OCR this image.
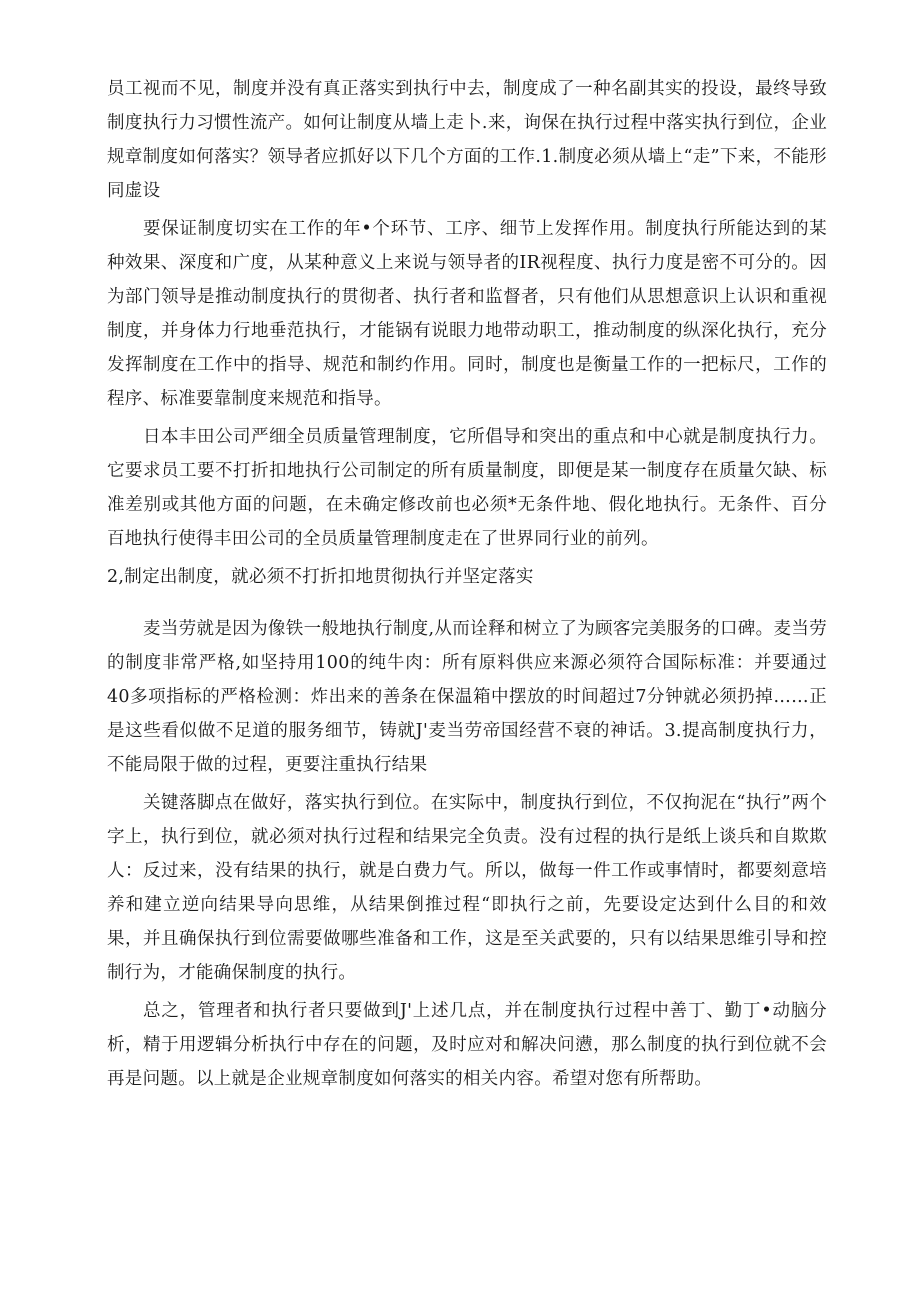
员工视而不见，制度并没有真正落实到执行中去，制度成了一种名副其实的投设，最终导致制度执行力习惯性流产。如何让制度从墙上走卜.来，询保在执行过程中落实执行到位，企业规章制度如何落实？领导者应抓好以下几个方面的工作.1.制度必须从墙上“走”下来，不能形同虚设

要保证制度切实在工作的年•个环节、工序、细节上发挥作用。制度执行所能达到的某种效果、深度和广度，从某种意义上来说与领导者的IR视程度、执行力度是密不可分的。因为部门领导是推动制度执行的贯彻者、执行者和监督者，只有他们从思想意识上认识和重视制度，并身体力行地垂范执行，才能锅有说眼力地带动职工，推动制度的纵深化执行，充分发挥制度在工作中的指导、规范和制约作用。同时，制度也是衡量工作的一把标尺，工作的程序、标准要靠制度来规范和指导。

日本丰田公司严细全员质量管理制度，它所倡导和突出的重点和中心就是制度执行力。它要求员工要不打折扣地执行公司制定的所有质量制度，即便是某一制度存在质量欠缺、标准差别或其他方面的问题，在未确定修改前也必须*无条件地、假化地执行。无条件、百分百地执行使得丰田公司的全员质量管理制度走在了世界同行业的前列。

2,制定出制度，就必须不打折扣地贯彻执行并坚定落实

麦当劳就是因为像铁一般地执行制度,从而诠释和树立了为顾客完美服务的口碑。麦当劳的制度非常严格,如坚持用100的纯牛肉：所有原料供应来源必须符合国际标准：并要通过40多项指标的严格检测：炸出来的善条在保温箱中摆放的时间超过7分钟就必须扔掉……正是这些看似做不足道的服务细节，铸就J'麦当劳帝国经营不衰的神话。3.提高制度执行力，不能局限于做的过程，更要注重执行结果

关键落脚点在做好，落实执行到位。在实际中，制度执行到位，不仅拘泥在“执行”两个字上，执行到位，就必须对执行过程和结果完全负责。没有过程的执行是纸上谈兵和自欺欺人：反过来，没有结果的执行，就是白费力气。所以，做每一件工作或事情时，都要刻意培养和建立逆向结果导向思维，从结果倒推过程“即执行之前，先要设定达到什么目的和效果，并且确保执行到位需要做哪些准备和工作，这是至关武要的，只有以结果思维引导和控制行为，才能确保制度的执行。

总之，管理者和执行者只要做到J'上述几点，并在制度执行过程中善丁、勤丁•动脑分析，精于用逻辑分析执行中存在的问题，及时应对和解决问懑，那么制度的执行到位就不会再是问题。以上就是企业规章制度如何落实的相关内容。希望对您有所帮助。
